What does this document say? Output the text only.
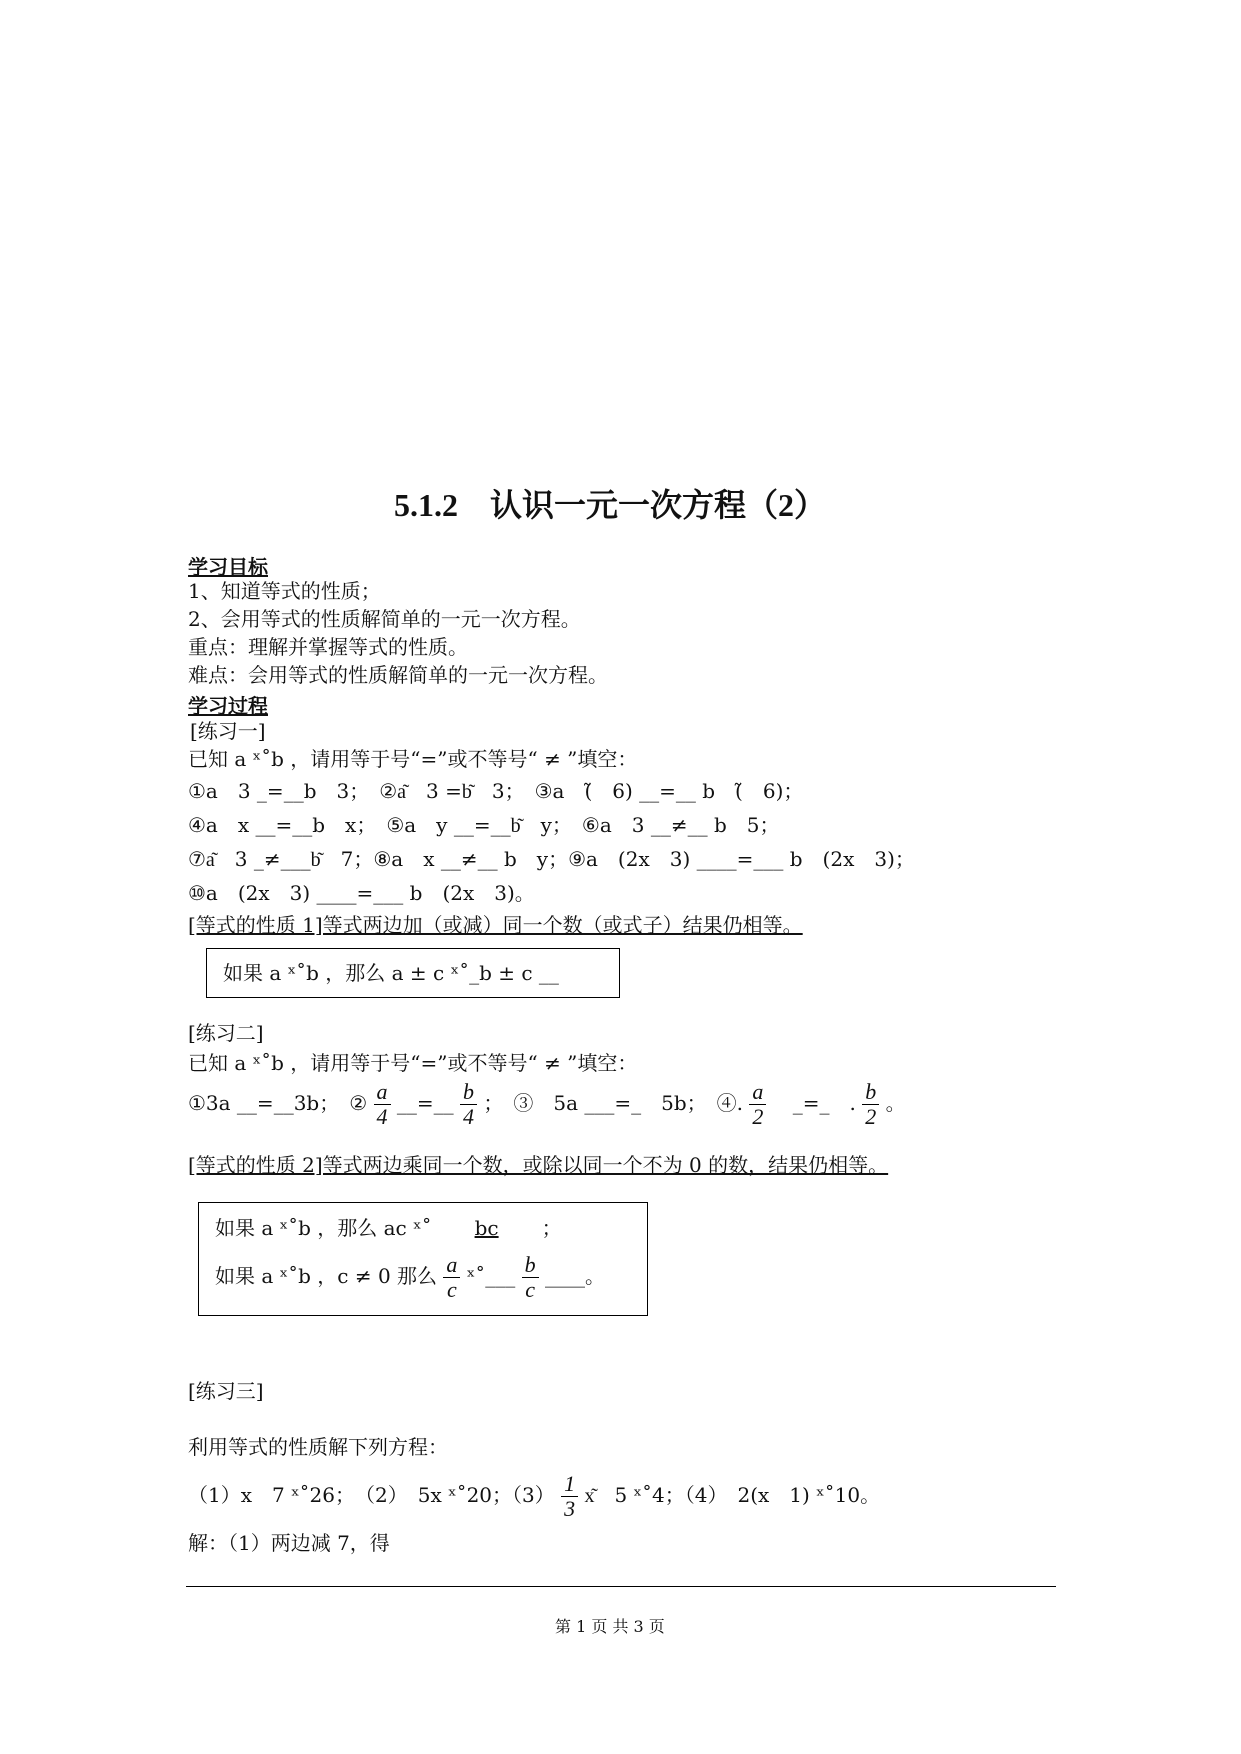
5.1.2　认识一元一次方程（2）
学习目标
1、知道等式的性质；
2、会用等式的性质解简单的一元一次方程。
重点：理解并掌握等式的性质。
难点：会用等式的性质解简单的一元一次方程。
学习过程
[练习一]
已知 a ˣ˚b ，请用等于号“=”或不等号“ ≠ ”填空：
①a　3 _=__b　3；　②a͂　3 =b͂　3；　③a　(̃　6) __=__ b　(̃　6)；
④a　x __=__b　x；　⑤a　y __=__b͂　y；　⑥a　3 __≠__ b　5；
⑦a͂　3 _≠___b͂　7；⑧a　x __≠__ b　y；⑨a　(2x　3) ____=___ b　(2x　3)；
⑩a　(2x　3) ____=___ b　(2x　3)。
[等式的性质 1]等式两边加（或减）同一个数（或式子）结果仍相等。
如果 a ˣ˚b ，那么 a ± c ˣ˚_b ± c __
[练习二]
已知 a ˣ˚b ，请用等于号“=”或不等号“ ≠ ”填空：
①3a __=__3b；　② $\frac{a}{4}$ __=__ $\frac{b}{4}$ ；　③　5a ___=_　5b；　④. $\frac{a}{2}$ 　_=_　. $\frac{b}{2}$ 。
[等式的性质 2]等式两边乘同一个数，或除以同一个不为 0 的数，结果仍相等。
如果 a ˣ˚b ，那么 ac ˣ˚ bc ；
如果 a ˣ˚b ，c ≠ 0 那么 $\frac{a}{c}$ ˣ˚___ $\frac{b}{c}$ ____。
[练习三]
利用等式的性质解下列方程：
（1）x　7 ˣ˚26；　（2）　5x ˣ˚20；$(3) \frac{1}{3}$ x͂　5 ˣ˚4；（4）　2(x　1) ˣ˚10。
解：（1）两边减 7，得
第 1 页 共 3 页
